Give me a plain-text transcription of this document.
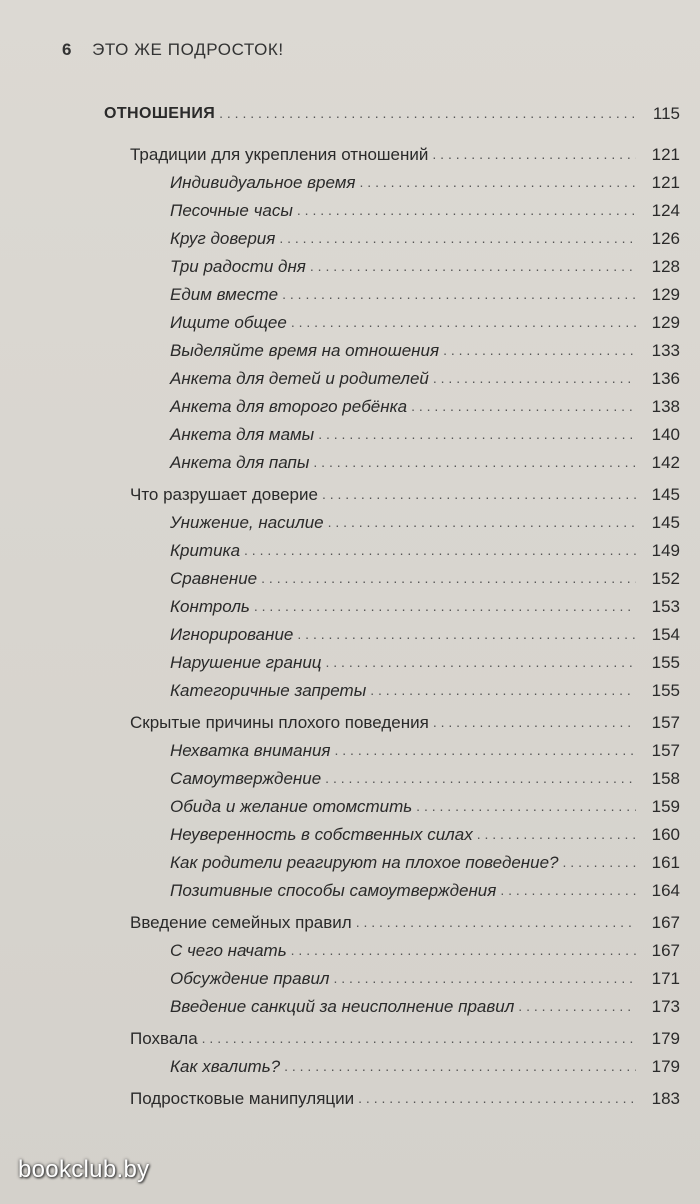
6 ЭТО ЖЕ ПОДРОСТОК!
ОТНОШЕНИЯ . . .	115
Традиции для укрепления отношений . . .	121
Индивидуальное время . . .	121
Песочные часы . . .	124
Круг доверия . . .	126
Три радости дня . . .	128
Едим вместе . . .	129
Ищите общее . . .	129
Выделяйте время на отношения . . .	133
Анкета для детей и родителей . . .	136
Анкета для второго ребёнка . . .	138
Анкета для мамы . . .	140
Анкета для папы . . .	142
Что разрушает доверие . . .	145
Унижение, насилие . . .	145
Критика . . .	149
Сравнение . . .	152
Контроль . . .	153
Игнорирование . . .	154
Нарушение границ . . .	155
Категоричные запреты . . .	155
Скрытые причины плохого поведения . . .	157
Нехватка внимания . . .	157
Самоутверждение . . .	158
Обида и желание отомстить . . .	159
Неуверенность в собственных силах . . .	160
Как родители реагируют на плохое поведение? . . .	161
Позитивные способы самоутверждения . . .	164
Введение семейных правил . . .	167
С чего начать . . .	167
Обсуждение правил . . .	171
Введение санкций за неисполнение правил . . .	173
Похвала . . .	179
Как хвалить? . . .	179
Подростковые манипуляции . . .	183
bookclub.by
